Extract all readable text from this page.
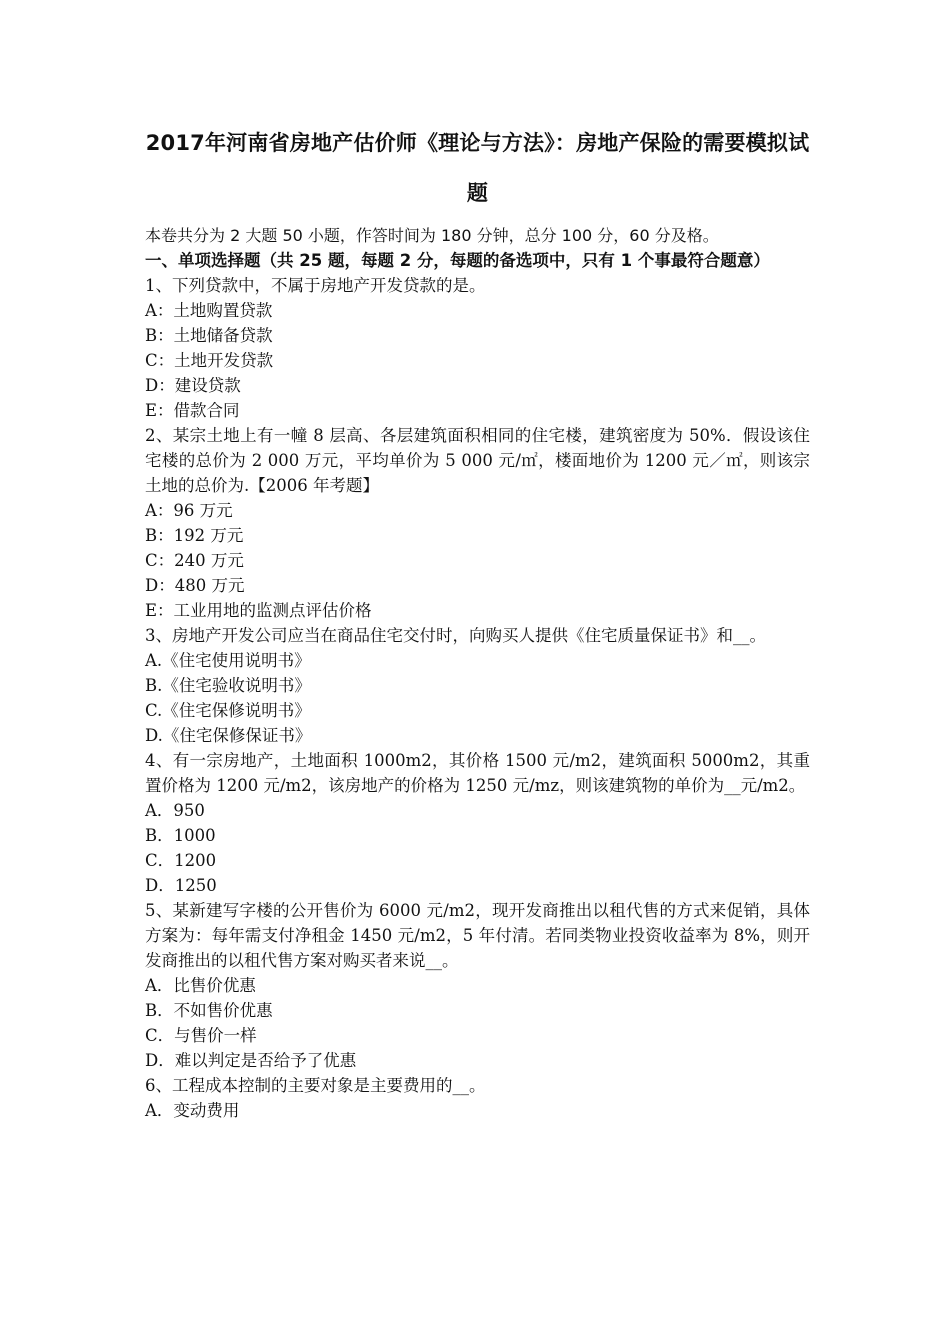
2017年河南省房地产估价师《理论与方法》：房地产保险的需要模拟试题
本卷共分为 2 大题 50 小题，作答时间为 180 分钟，总分 100 分，60 分及格。
一、单项选择题（共 25 题，每题 2 分，每题的备选项中，只有 1 个事最符合题意）
1、下列贷款中，不属于房地产开发贷款的是。
A：土地购置贷款
B：土地储备贷款
C：土地开发贷款
D：建设贷款
E：借款合同
2、某宗土地上有一幢 8 层高、各层建筑面积相同的住宅楼，建筑密度为 50%．假设该住宅楼的总价为 2 000 万元，平均单价为 5 000 元/㎡，楼面地价为 1200 元／㎡，则该宗土地的总价为.【2006 年考题】
A：96 万元
B：192 万元
C：240 万元
D：480 万元
E：工业用地的监测点评估价格
3、房地产开发公司应当在商品住宅交付时，向购买人提供《住宅质量保证书》和__。
A.《住宅使用说明书》
B.《住宅验收说明书》
C.《住宅保修说明书》
D.《住宅保修保证书》
4、有一宗房地产，土地面积 1000m2，其价格 1500 元/m2，建筑面积 5000m2，其重置价格为 1200 元/m2，该房地产的价格为 1250 元/mz，则该建筑物的单价为__元/m2。
A．950
B．1000
C．1200
D．1250
5、某新建写字楼的公开售价为 6000 元/m2，现开发商推出以租代售的方式来促销，具体方案为：每年需支付净租金 1450 元/m2，5 年付清。若同类物业投资收益率为 8%，则开发商推出的以租代售方案对购买者来说__。
A．比售价优惠
B．不如售价优惠
C．与售价一样
D．难以判定是否给予了优惠
6、工程成本控制的主要对象是主要费用的__。
A．变动费用
